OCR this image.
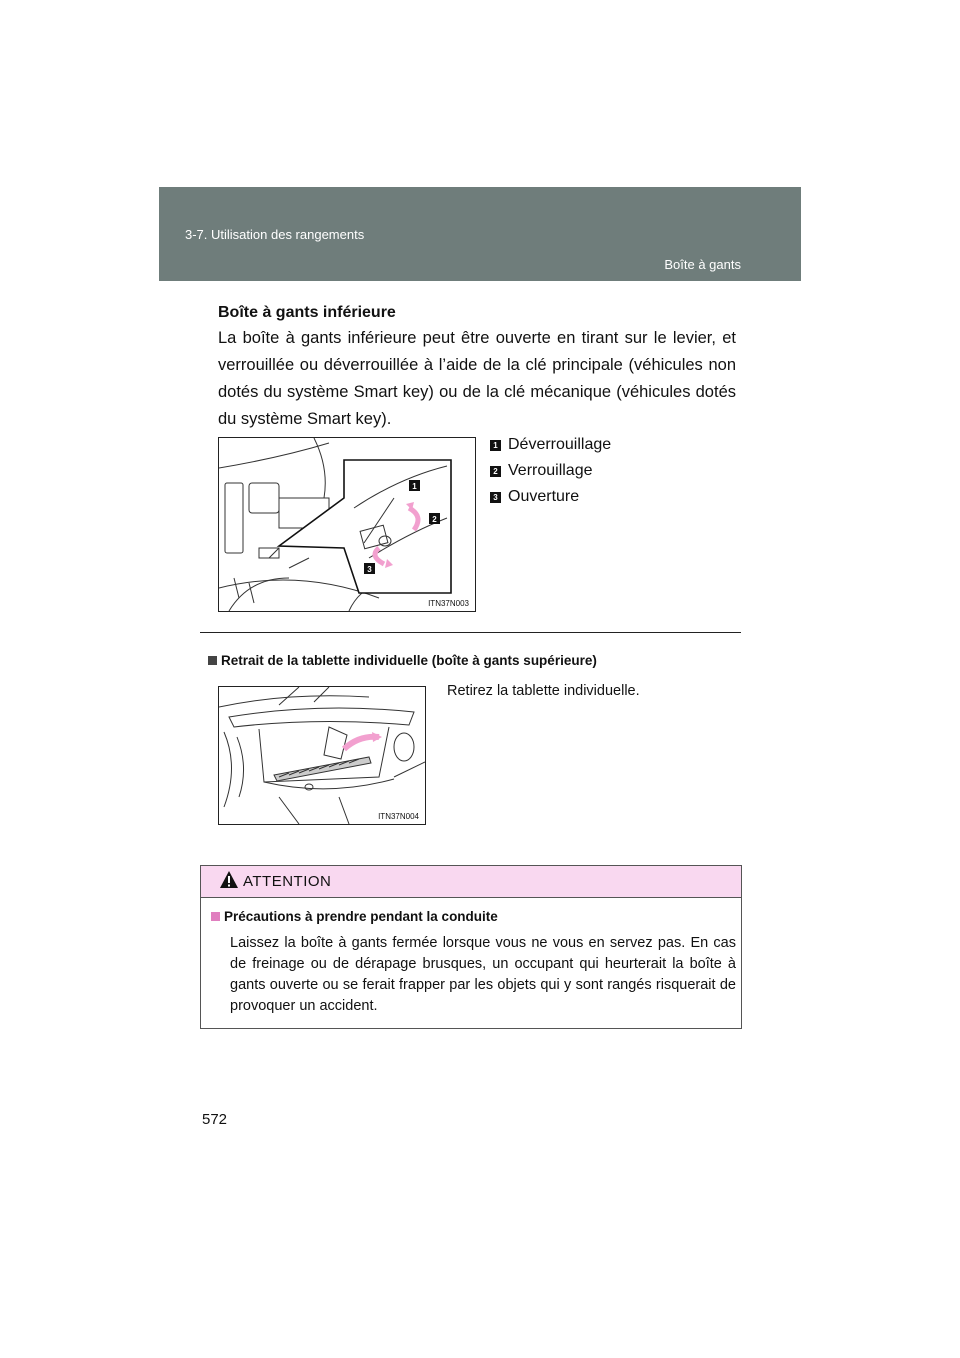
3-7. Utilisation des rangements
Boîte à gants
Boîte à gants inférieure
La boîte à gants inférieure peut être ouverte en tirant sur le levier, et verrouillée ou déverrouillée à l’aide de la clé principale (véhicules non dotés du système Smart key) ou de la clé mécanique (véhicules dotés du système Smart key).
1
2
3
ITN37N003
1 Déverrouillage
2 Verrouillage
3 Ouverture
Retrait de la tablette individuelle (boîte à gants supérieure)
ITN37N004
Retirez la tablette individuelle.
ATTENTION
Précautions à prendre pendant la conduite
Laissez la boîte à gants fermée lorsque vous ne vous en servez pas. En cas de freinage ou de dérapage brusques, un occupant qui heurterait la boîte à gants ouverte ou se ferait frapper par les objets qui y sont rangés risquerait de provoquer un accident.
572
